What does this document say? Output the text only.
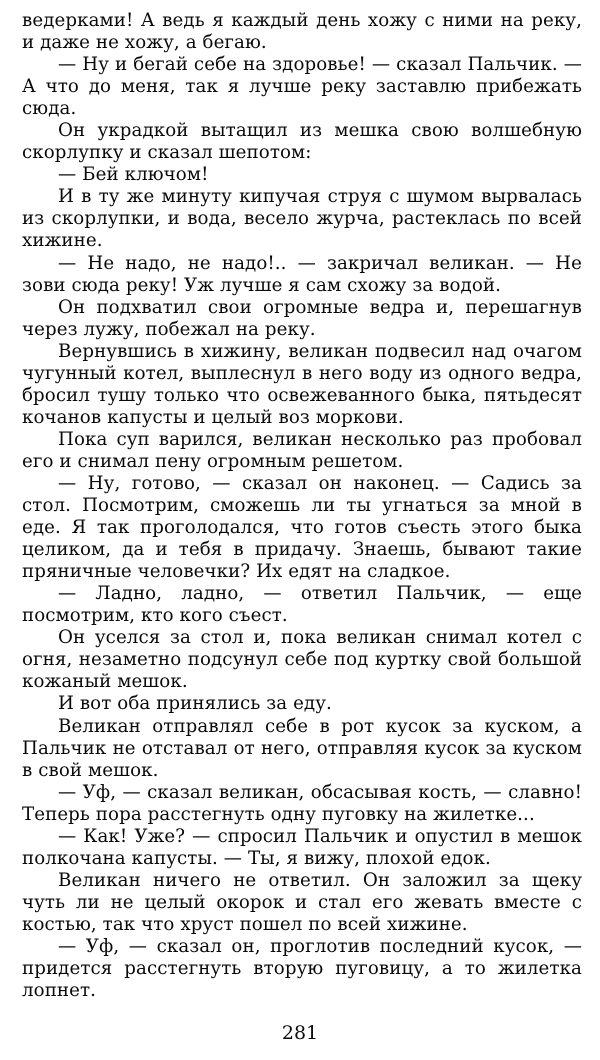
ведерками! А ведь я каждый день хожу с ними на реку, и даже не хожу, а бегаю.

— Ну и бегай себе на здоровье! — сказал Пальчик. — А что до меня, так я лучше реку заставлю прибежать сюда.

Он украдкой вытащил из мешка свою волшебную скорлупку и сказал шепотом:

— Бей ключом!

И в ту же минуту кипучая струя с шумом вырвалась из скорлупки, и вода, весело журча, растеклась по всей хижине.

— Не надо, не надо!.. — закричал великан. — Не зови сюда реку! Уж лучше я сам схожу за водой.

Он подхватил свои огромные ведра и, перешагнув через лужу, побежал на реку.

Вернувшись в хижину, великан подвесил над очагом чугунный котел, выплеснул в него воду из одного ведра, бросил тушу только что освежеванного быка, пятьдесят кочанов капусты и целый воз моркови.

Пока суп варился, великан несколько раз пробовал его и снимал пену огромным решетом.

— Ну, готово, — сказал он наконец. — Садись за стол. Посмотрим, сможешь ли ты угнаться за мной в еде. Я так проголодался, что готов съесть этого быка целиком, да и тебя в придачу. Знаешь, бывают такие пряничные человечки? Их едят на сладкое.

— Ладно, ладно, — ответил Пальчик, — еще посмотрим, кто кого съест.

Он уселся за стол и, пока великан снимал котел с огня, незаметно подсунул себе под куртку свой большой кожаный мешок.

И вот оба принялись за еду.

Великан отправлял себе в рот кусок за куском, а Пальчик не отставал от него, отправляя кусок за куском в свой мешок.

— Уф, — сказал великан, обсасывая кость, — славно! Теперь пора расстегнуть одну пуговку на жилетке...

— Как! Уже? — спросил Пальчик и опустил в мешок полкочана капусты. — Ты, я вижу, плохой едок.

Великан ничего не ответил. Он заложил за щеку чуть ли не целый окорок и стал его жевать вместе с костью, так что хруст пошел по всей хижине.

— Уф, — сказал он, проглотив последний кусок, — придется расстегнуть вторую пуговицу, а то жилетка лопнет.

281
